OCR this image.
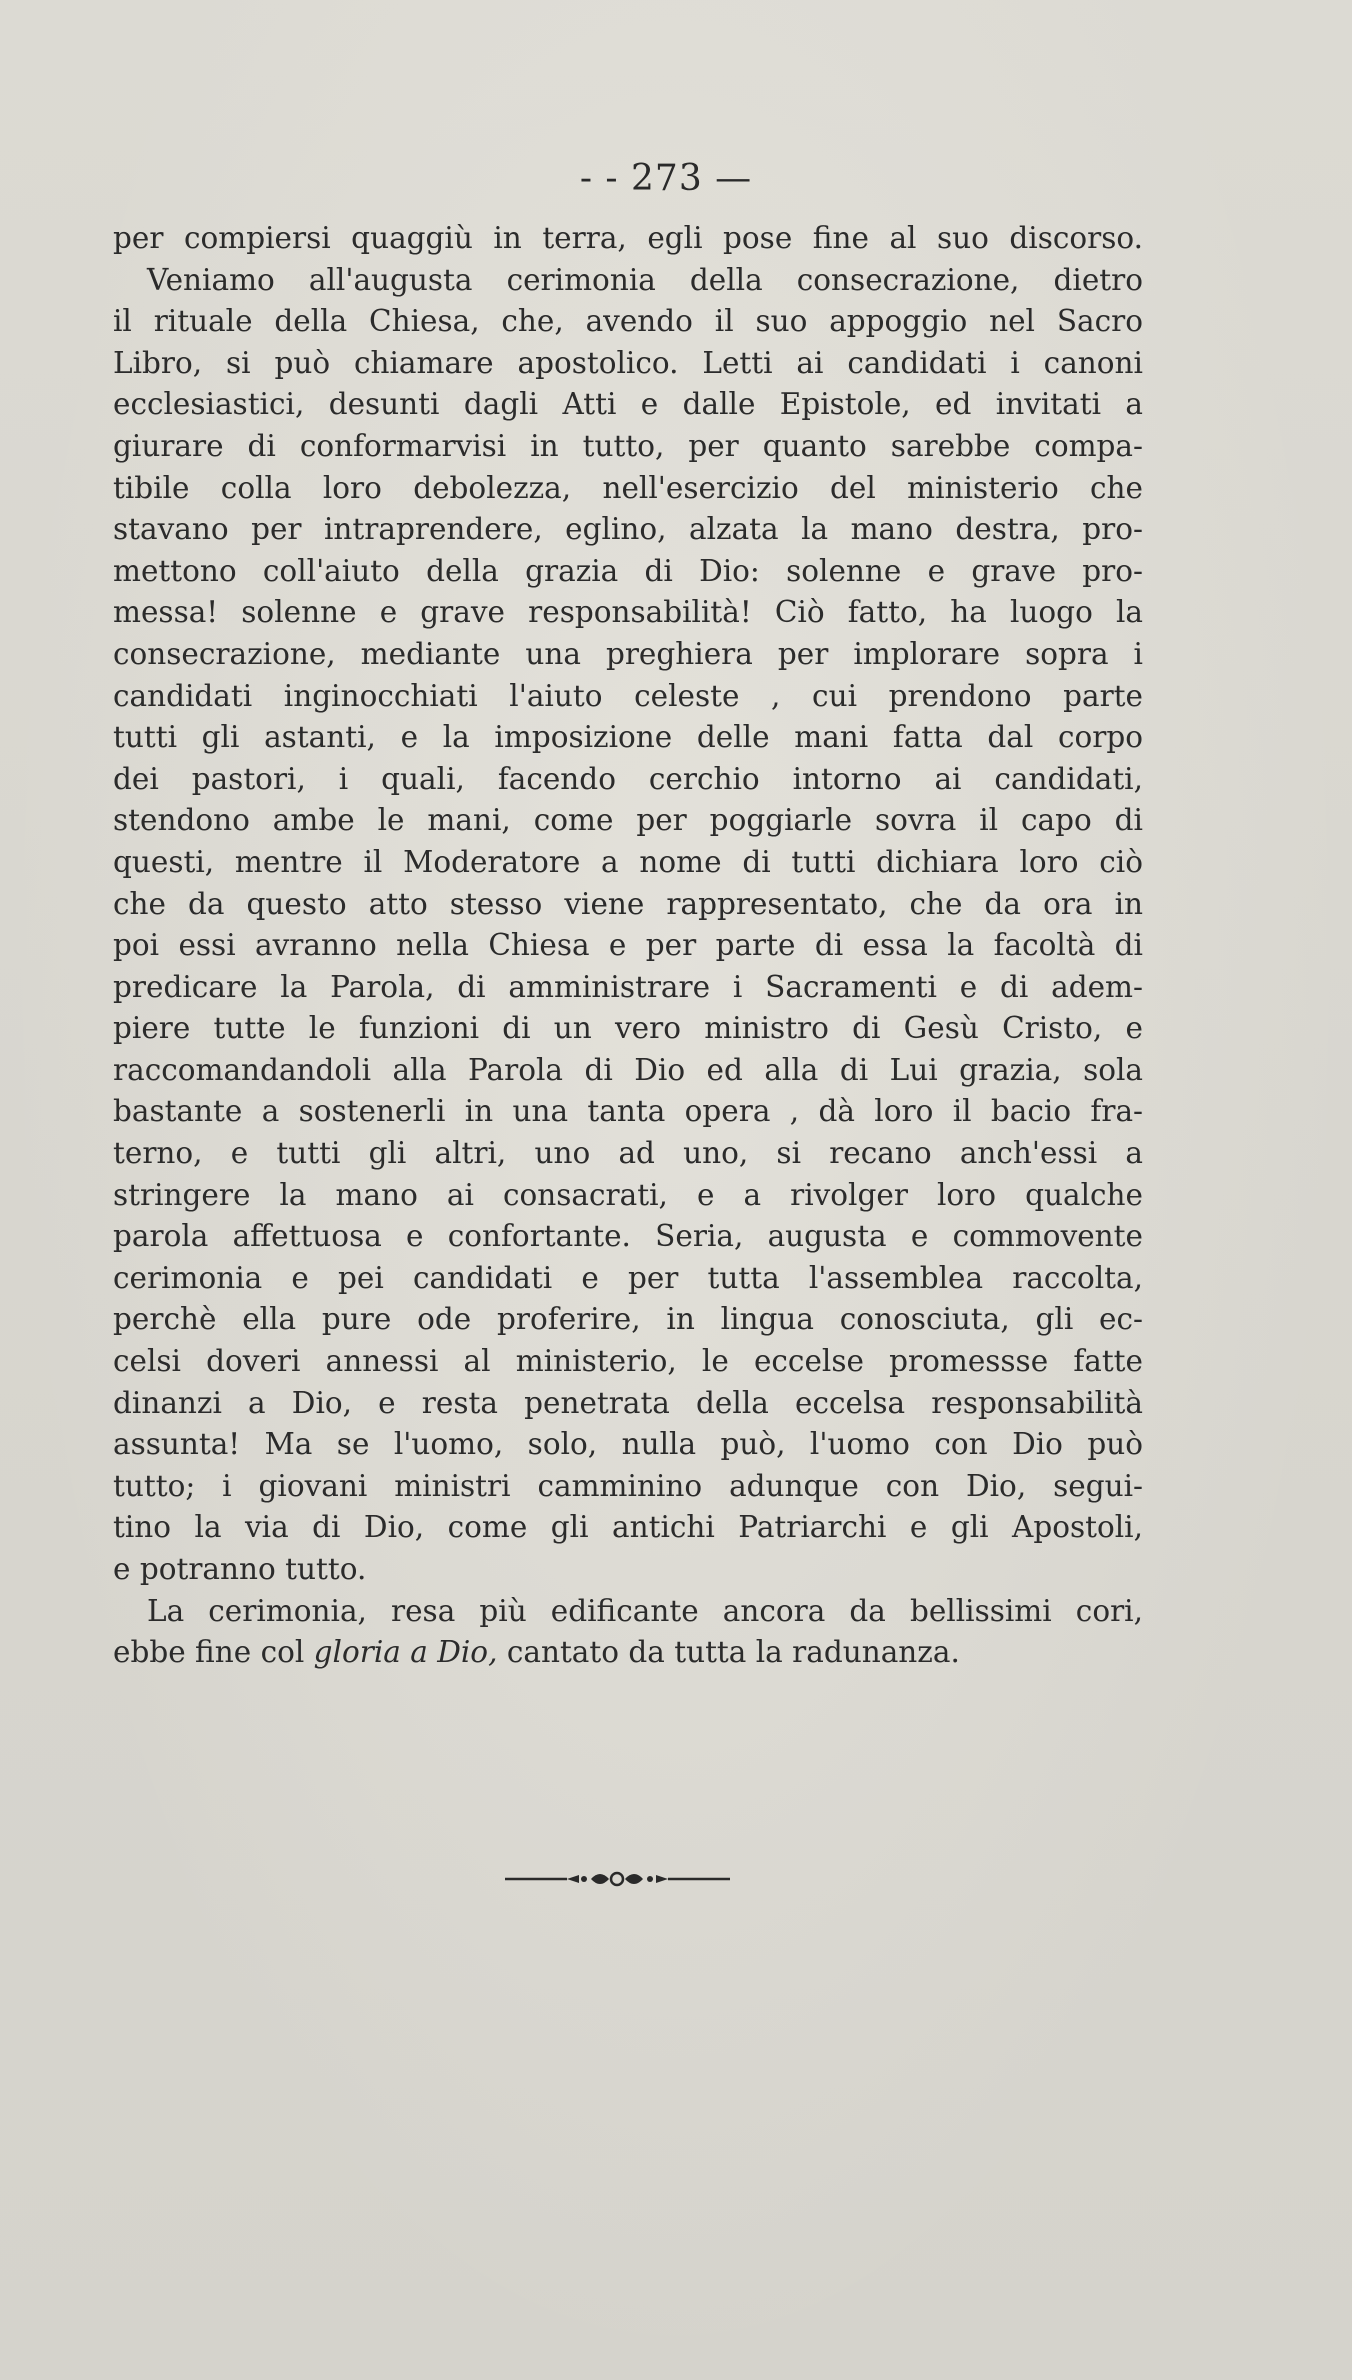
- - 273 —
per compiersi quaggiù in terra, egli pose fine al suo discorso.
Veniamo all'augusta cerimonia della consecrazione, dietro
il rituale della Chiesa, che, avendo il suo appoggio nel Sacro
Libro, si può chiamare apostolico. Letti ai candidati i canoni
ecclesiastici, desunti dagli Atti e dalle Epistole, ed invitati a
giurare di conformarvisi in tutto, per quanto sarebbe compa-
tibile colla loro debolezza, nell'esercizio del ministerio che
stavano per intraprendere, eglino, alzata la mano destra, pro-
mettono coll'aiuto della grazia di Dio: solenne e grave pro-
messa! solenne e grave responsabilità! Ciò fatto, ha luogo la
consecrazione, mediante una preghiera per implorare sopra i
candidati inginocchiati l'aiuto celeste , cui prendono parte
tutti gli astanti, e la imposizione delle mani fatta dal corpo
dei pastori, i quali, facendo cerchio intorno ai candidati,
stendono ambe le mani, come per poggiarle sovra il capo di
questi, mentre il Moderatore a nome di tutti dichiara loro ciò
che da questo atto stesso viene rappresentato, che da ora in
poi essi avranno nella Chiesa e per parte di essa la facoltà di
predicare la Parola, di amministrare i Sacramenti e di adem-
piere tutte le funzioni di un vero ministro di Gesù Cristo, e
raccomandandoli alla Parola di Dio ed alla di Lui grazia, sola
bastante a sostenerli in una tanta opera , dà loro il bacio fra-
terno, e tutti gli altri, uno ad uno, si recano anch'essi a
stringere la mano ai consacrati, e a rivolger loro qualche
parola affettuosa e confortante. Seria, augusta e commovente
cerimonia e pei candidati e per tutta l'assemblea raccolta,
perchè ella pure ode proferire, in lingua conosciuta, gli ec-
celsi doveri annessi al ministerio, le eccelse promessse fatte
dinanzi a Dio, e resta penetrata della eccelsa responsabilità
assunta! Ma se l'uomo, solo, nulla può, l'uomo con Dio può
tutto; i giovani ministri camminino adunque con Dio, segui-
tino la via di Dio, come gli antichi Patriarchi e gli Apostoli,
e potranno tutto.
La cerimonia, resa più edificante ancora da bellissimi cori,
ebbe fine col gloria a Dio, cantato da tutta la radunanza.
